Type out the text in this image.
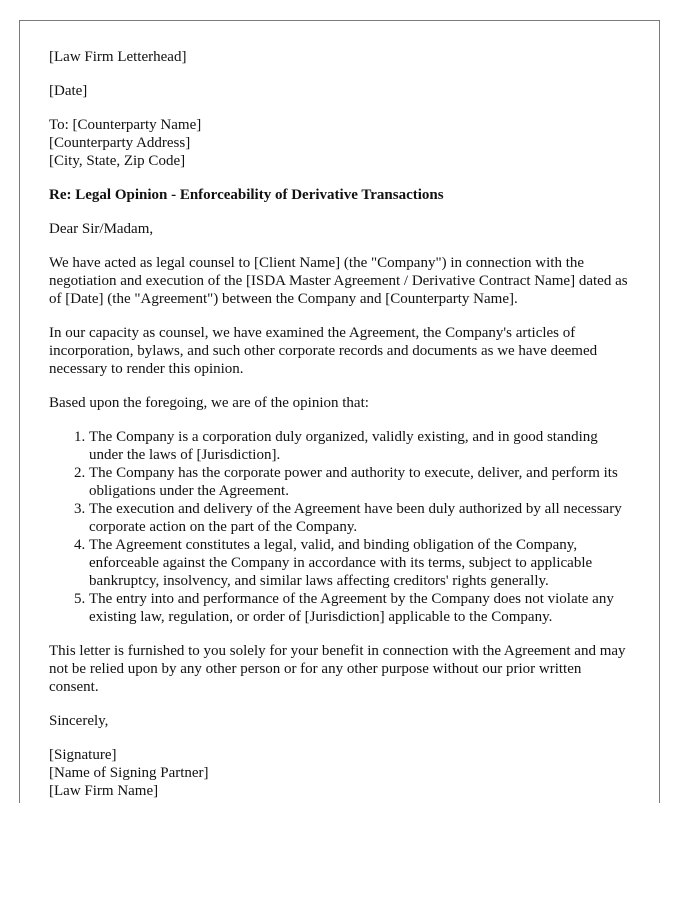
[Law Firm Letterhead]

[Date]

To: [Counterparty Name]
[Counterparty Address]
[City, State, Zip Code]

Re: Legal Opinion - Enforceability of Derivative Transactions

Dear Sir/Madam,

We have acted as legal counsel to [Client Name] (the "Company") in connection with the negotiation and execution of the [ISDA Master Agreement / Derivative Contract Name] dated as of [Date] (the "Agreement") between the Company and [Counterparty Name].

In our capacity as counsel, we have examined the Agreement, the Company's articles of incorporation, bylaws, and such other corporate records and documents as we have deemed necessary to render this opinion.

Based upon the foregoing, we are of the opinion that:

1. The Company is a corporation duly organized, validly existing, and in good standing under the laws of [Jurisdiction].
2. The Company has the corporate power and authority to execute, deliver, and perform its obligations under the Agreement.
3. The execution and delivery of the Agreement have been duly authorized by all necessary corporate action on the part of the Company.
4. The Agreement constitutes a legal, valid, and binding obligation of the Company, enforceable against the Company in accordance with its terms, subject to applicable bankruptcy, insolvency, and similar laws affecting creditors' rights generally.
5. The entry into and performance of the Agreement by the Company does not violate any existing law, regulation, or order of [Jurisdiction] applicable to the Company.

This letter is furnished to you solely for your benefit in connection with the Agreement and may not be relied upon by any other person or for any other purpose without our prior written consent.

Sincerely,

[Signature]
[Name of Signing Partner]
[Law Firm Name]
